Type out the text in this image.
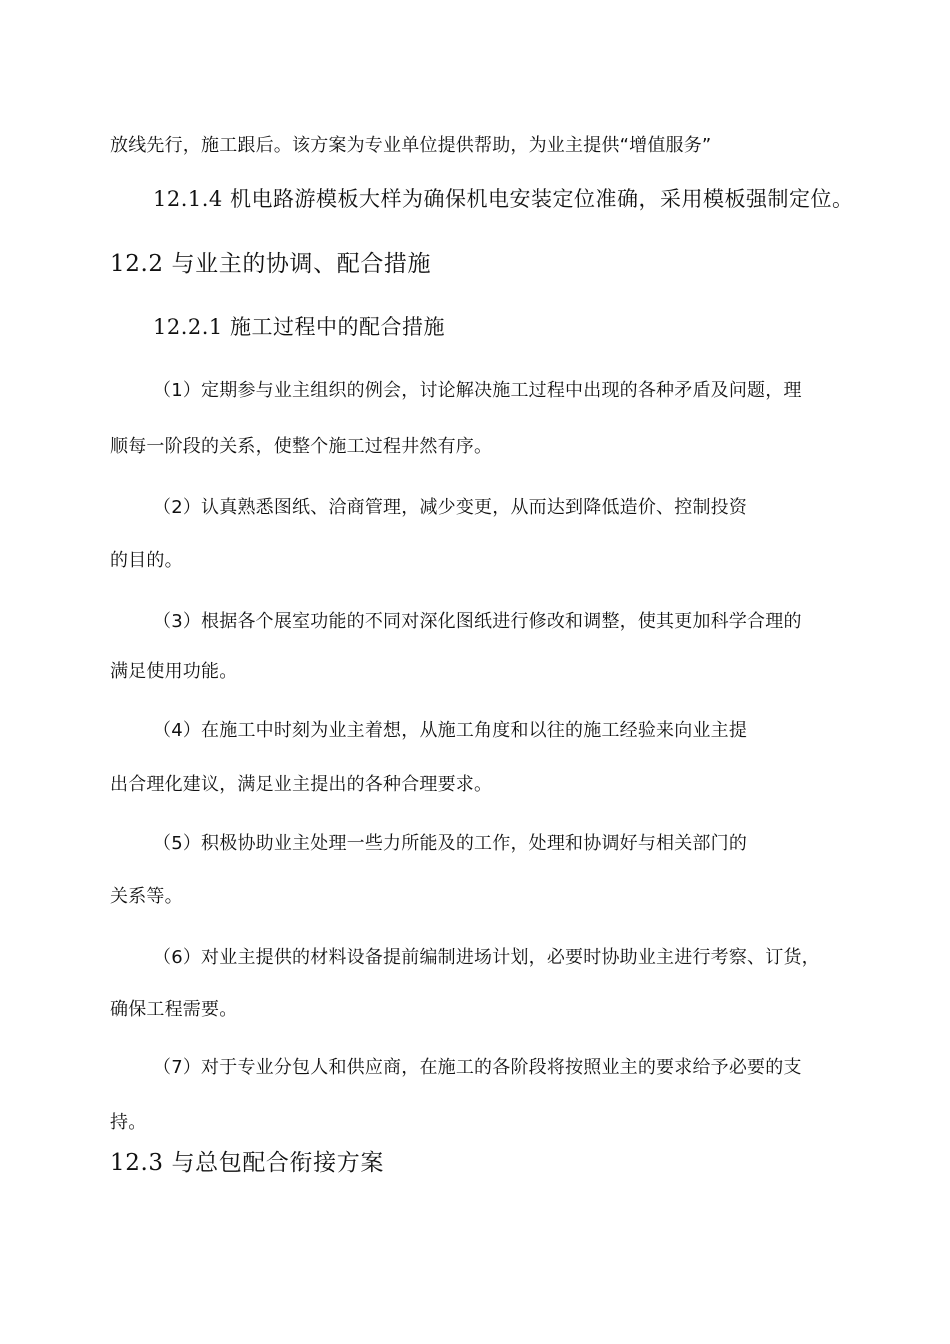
放线先行，施工跟后。该方案为专业单位提供帮助，为业主提供“增值服务”

12.1.4 机电路游模板大样为确保机电安装定位准确，采用模板强制定位。

12.2 与业主的协调、配合措施
12.2.1 施工过程中的配合措施

（1）定期参与业主组织的例会，讨论解决施工过程中出现的各种矛盾及问题，理

顺每一阶段的关系，使整个施工过程井然有序。

（2）认真熟悉图纸、洽商管理，减少变更，从而达到降低造价、控制投资

的目的。

（3）根据各个展室功能的不同对深化图纸进行修改和调整，使其更加科学合理的

满足使用功能。

（4）在施工中时刻为业主着想，从施工角度和以往的施工经验来向业主提

出合理化建议，满足业主提出的各种合理要求。

（5）积极协助业主处理一些力所能及的工作，处理和协调好与相关部门的

关系等。

（6）对业主提供的材料设备提前编制进场计划，必要时协助业主进行考察、订货，

确保工程需要。

（7）对于专业分包人和供应商，在施工的各阶段将按照业主的要求给予必要的支

持。

12.3 与总包配合衔接方案
